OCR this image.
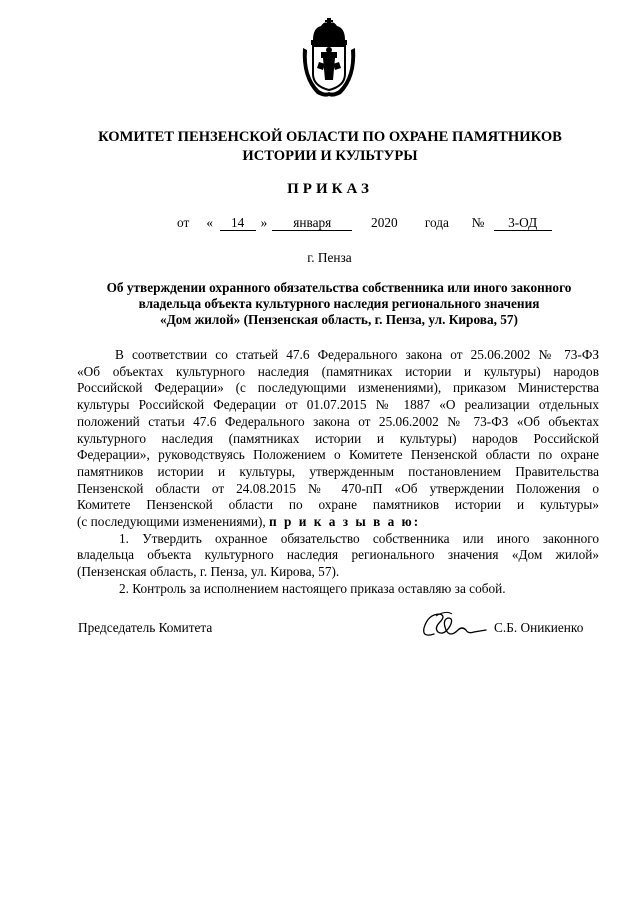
КОМИТЕТ ПЕНЗЕНСКОЙ ОБЛАСТИ ПО ОХРАНЕ ПАМЯТНИКОВ
ИСТОРИИ И КУЛЬТУРЫ
ПРИКАЗ
от « 14 » января	2020 года № 3-ОД
г. Пенза
Об утверждении охранного обязательства собственника или иного законного
владельца объекта культурного наследия регионального значения
«Дом жилой» (Пензенская область, г. Пенза, ул. Кирова, 57)
В соответствии со статьей 47.6 Федерального закона от 25.06.2002 № 73-ФЗ
«Об объектах культурного наследия (памятниках истории и культуры) народов
Российской Федерации» (с последующими изменениями), приказом Министерства
культуры Российской Федерации от 01.07.2015 № 1887 «О реализации отдельных
положений статьи 47.6 Федерального закона от 25.06.2002 № 73-ФЗ «Об объектах
культурного наследия (памятниках истории и культуры) народов Российской
Федерации», руководствуясь Положением о Комитете Пензенской области по охране
памятников истории и культуры, утвержденным постановлением Правительства
Пензенской области от 24.08.2015 № 470-пП «Об утверждении Положения о
Комитете Пензенской области по охране памятников истории и культуры»
(с последующими изменениями), п р и к а з ы в а ю:
1. Утвердить охранное обязательство собственника или иного законного
владельца объекта культурного наследия регионального значения «Дом жилой»
(Пензенская область, г. Пенза, ул. Кирова, 57).
2. Контроль за исполнением настоящего приказа оставляю за собой.
Председатель Комитета	С.Б. Оникиенко
